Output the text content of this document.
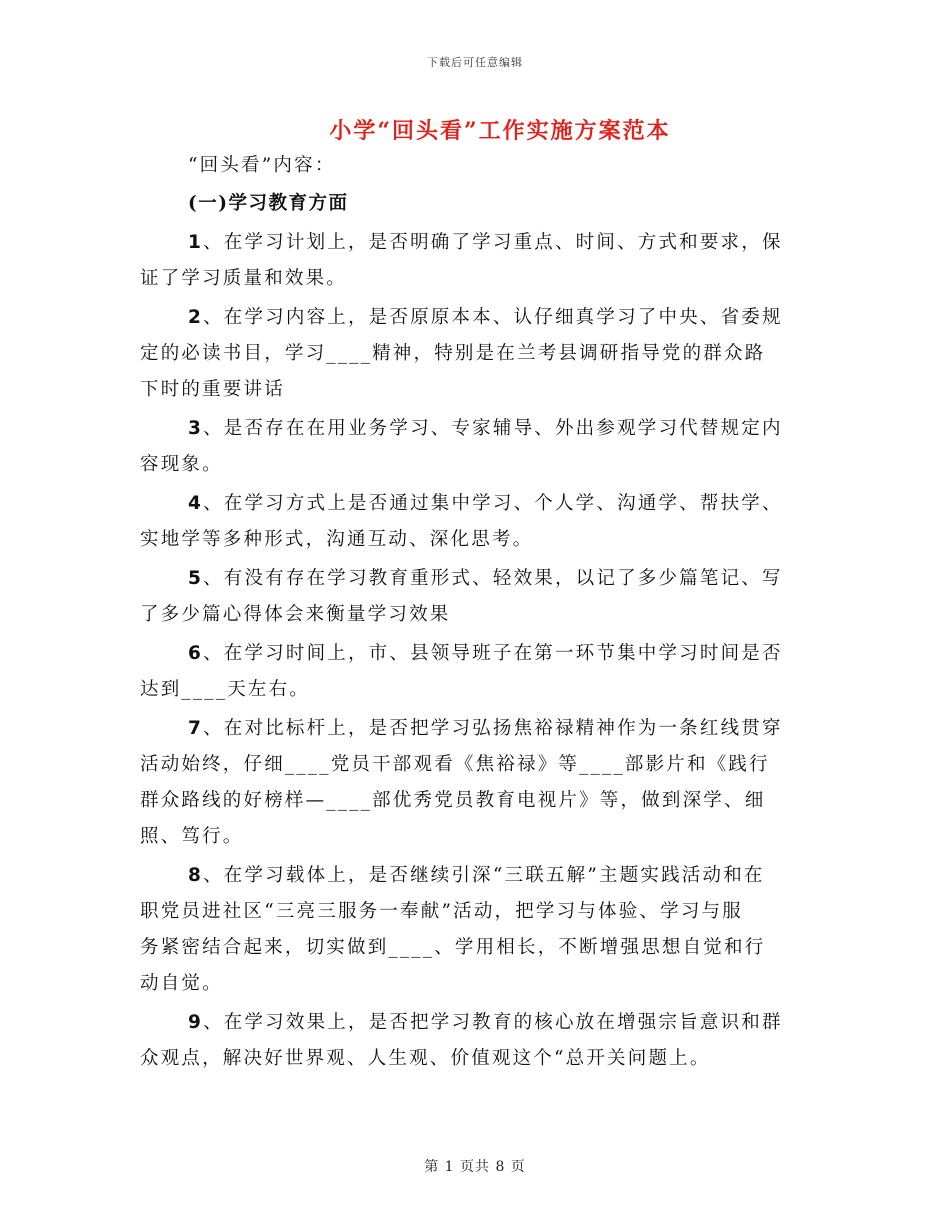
下载后可任意编辑
小学“回头看”工作实施方案范本
“回头看”内容：
(一)学习教育方面
1、在学习计划上，是否明确了学习重点、时间、方式和要求，保
证了学习质量和效果。
2、在学习内容上，是否原原本本、认仔细真学习了中央、省委规
定的必读书目，学习____精神，特别是在兰考县调研指导党的群众路
下时的重要讲话
3、是否存在在用业务学习、专家辅导、外出参观学习代替规定内
容现象。
4、在学习方式上是否通过集中学习、个人学、沟通学、帮扶学、
实地学等多种形式，沟通互动、深化思考。
5、有没有存在学习教育重形式、轻效果，以记了多少篇笔记、写
了多少篇心得体会来衡量学习效果
6、在学习时间上，市、县领导班子在第一环节集中学习时间是否
达到____天左右。
7、在对比标杆上，是否把学习弘扬焦裕禄精神作为一条红线贯穿
活动始终，仔细____党员干部观看《焦裕禄》等____部影片和《践行
群众路线的好榜样—____部优秀党员教育电视片》等，做到深学、细
照、笃行。
8、在学习载体上，是否继续引深“三联五解”主题实践活动和在
职党员进社区“三亮三服务一奉献”活动，把学习与体验、学习与服
务紧密结合起来，切实做到____、学用相长，不断增强思想自觉和行
动自觉。
9、在学习效果上，是否把学习教育的核心放在增强宗旨意识和群
众观点，解决好世界观、人生观、价值观这个“总开关问题上。
第 1 页共 8 页
